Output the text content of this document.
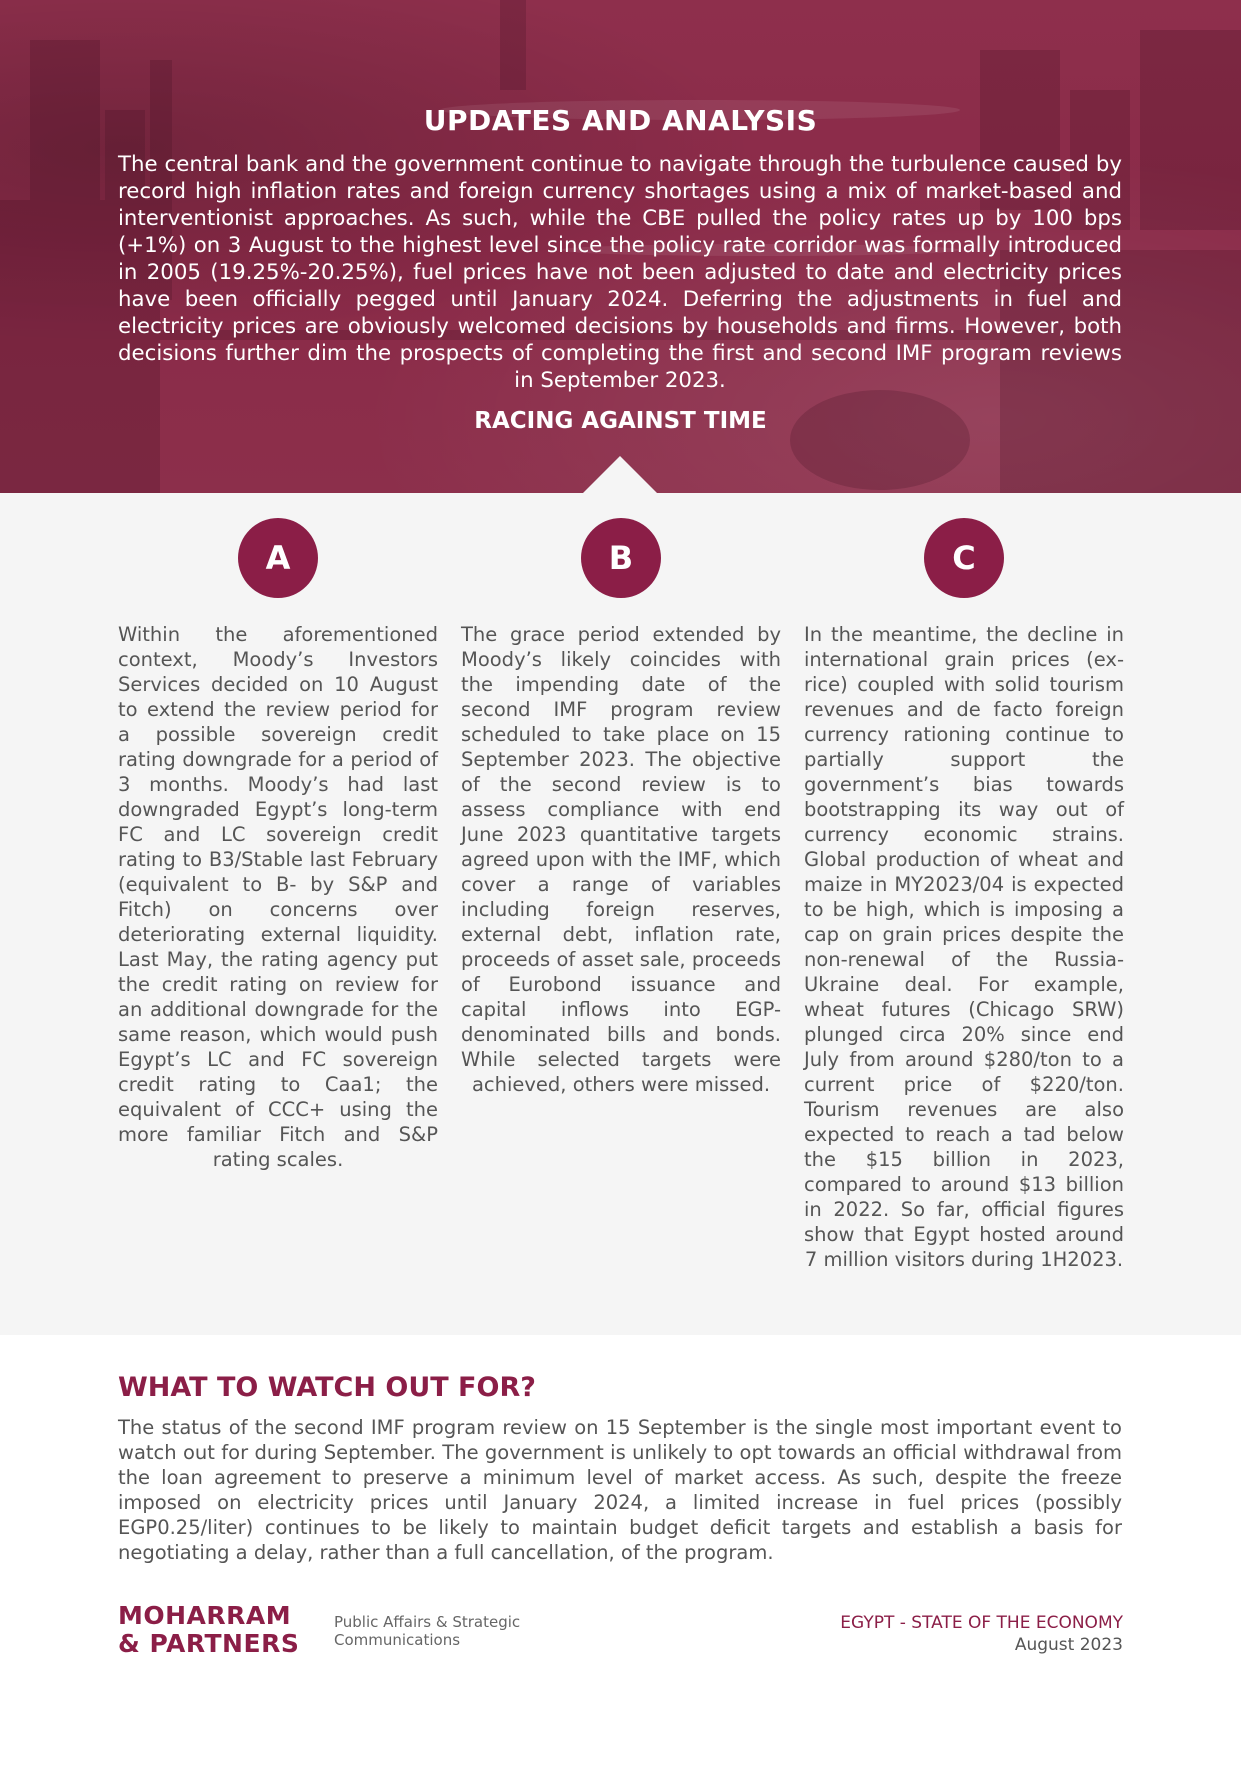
UPDATES AND ANALYSIS
The central bank and the government continue to navigate through the turbulence caused by record high inflation rates and foreign currency shortages using a mix of market-based and interventionist approaches. As such, while the CBE pulled the policy rates up by 100 bps (+1%) on 3 August to the highest level since the policy rate corridor was formally introduced in 2005 (19.25%-20.25%), fuel prices have not been adjusted to date and electricity prices have been officially pegged until January 2024. Deferring the adjustments in fuel and electricity prices are obviously welcomed decisions by households and firms. However, both decisions further dim the prospects of completing the first and second IMF program reviews in September 2023.
RACING AGAINST TIME
A	B	C
Within the aforementioned context, Moody’s Investors Services decided on 10 August to extend the review period for a possible sovereign credit rating downgrade for a period of 3 months. Moody’s had last downgraded Egypt’s long-term FC and LC sovereign credit rating to B3/Stable last February (equivalent to B- by S&P and Fitch) on concerns over deteriorating external liquidity. Last May, the rating agency put the credit rating on review for an additional downgrade for the same reason, which would push Egypt’s LC and FC sovereign credit rating to Caa1; the equivalent of CCC+ using the more familiar Fitch and S&P rating scales.
The grace period extended by Moody’s likely coincides with the impending date of the second IMF program review scheduled to take place on 15 September 2023. The objective of the second review is to assess compliance with end June 2023 quantitative targets agreed upon with the IMF, which cover a range of variables including foreign reserves, external debt, inflation rate, proceeds of asset sale, proceeds of Eurobond issuance and capital inflows into EGP-denominated bills and bonds. While selected targets were achieved, others were missed.
In the meantime, the decline in international grain prices (ex-rice) coupled with solid tourism revenues and de facto foreign currency rationing continue to partially support the government’s bias towards bootstrapping its way out of currency economic strains. Global production of wheat and maize in MY2023/04 is expected to be high, which is imposing a cap on grain prices despite the non-renewal of the Russia-Ukraine deal. For example, wheat futures (Chicago SRW) plunged circa 20% since end July from around $280/ton to a current price of $220/ton. Tourism revenues are also expected to reach a tad below the $15 billion in 2023, compared to around $13 billion in 2022. So far, official figures show that Egypt hosted around 7 million visitors during 1H2023.
WHAT TO WATCH OUT FOR?
The status of the second IMF program review on 15 September is the single most important event to watch out for during September. The government is unlikely to opt towards an official withdrawal from the loan agreement to preserve a minimum level of market access. As such, despite the freeze imposed on electricity prices until January 2024, a limited increase in fuel prices (possibly EGP0.25/liter) continues to be likely to maintain budget deficit targets and establish a basis for negotiating a delay, rather than a full cancellation, of the program.
MOHARRAM
& PARTNERS
Public Affairs & Strategic
Communications
EGYPT - STATE OF THE ECONOMY
August 2023
